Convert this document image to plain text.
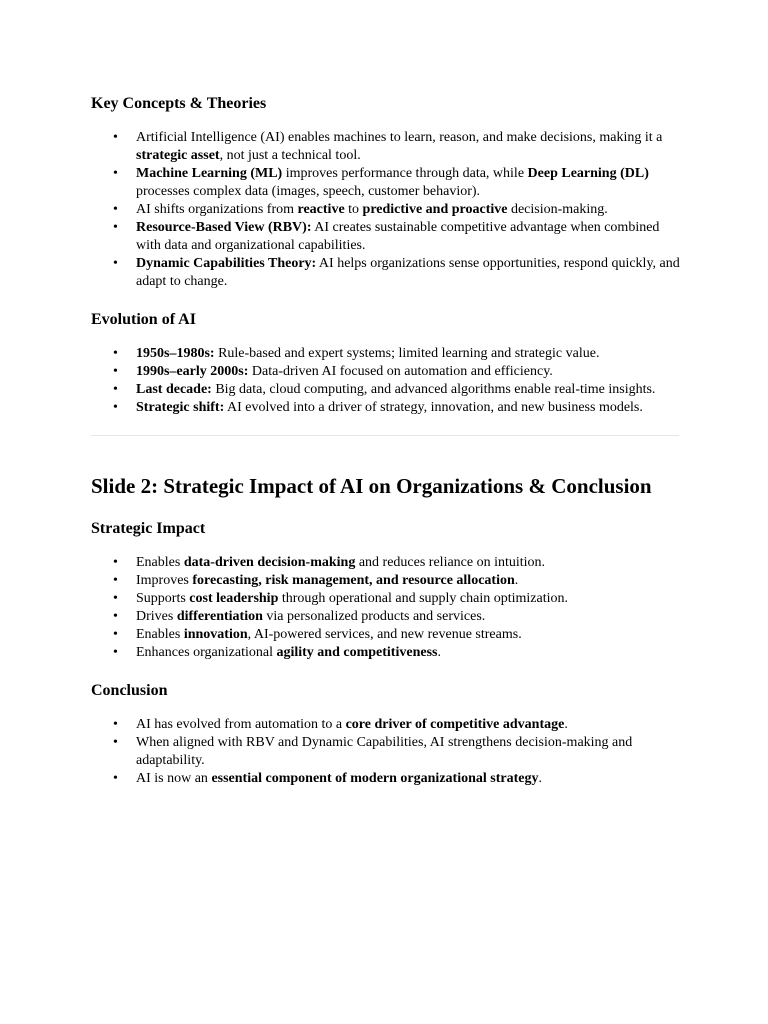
Key Concepts & Theories
• Artificial Intelligence (AI) enables machines to learn, reason, and make decisions, making it a strategic asset, not just a technical tool.
• Machine Learning (ML) improves performance through data, while Deep Learning (DL) processes complex data (images, speech, customer behavior).
• AI shifts organizations from reactive to predictive and proactive decision-making.
• Resource-Based View (RBV): AI creates sustainable competitive advantage when combined with data and organizational capabilities.
• Dynamic Capabilities Theory: AI helps organizations sense opportunities, respond quickly, and adapt to change.
Evolution of AI
• 1950s–1980s: Rule-based and expert systems; limited learning and strategic value.
• 1990s–early 2000s: Data-driven AI focused on automation and efficiency.
• Last decade: Big data, cloud computing, and advanced algorithms enable real-time insights.
• Strategic shift: AI evolved into a driver of strategy, innovation, and new business models.
Slide 2: Strategic Impact of AI on Organizations & Conclusion
Strategic Impact
• Enables data-driven decision-making and reduces reliance on intuition.
• Improves forecasting, risk management, and resource allocation.
• Supports cost leadership through operational and supply chain optimization.
• Drives differentiation via personalized products and services.
• Enables innovation, AI-powered services, and new revenue streams.
• Enhances organizational agility and competitiveness.
Conclusion
• AI has evolved from automation to a core driver of competitive advantage.
• When aligned with RBV and Dynamic Capabilities, AI strengthens decision-making and adaptability.
• AI is now an essential component of modern organizational strategy.
